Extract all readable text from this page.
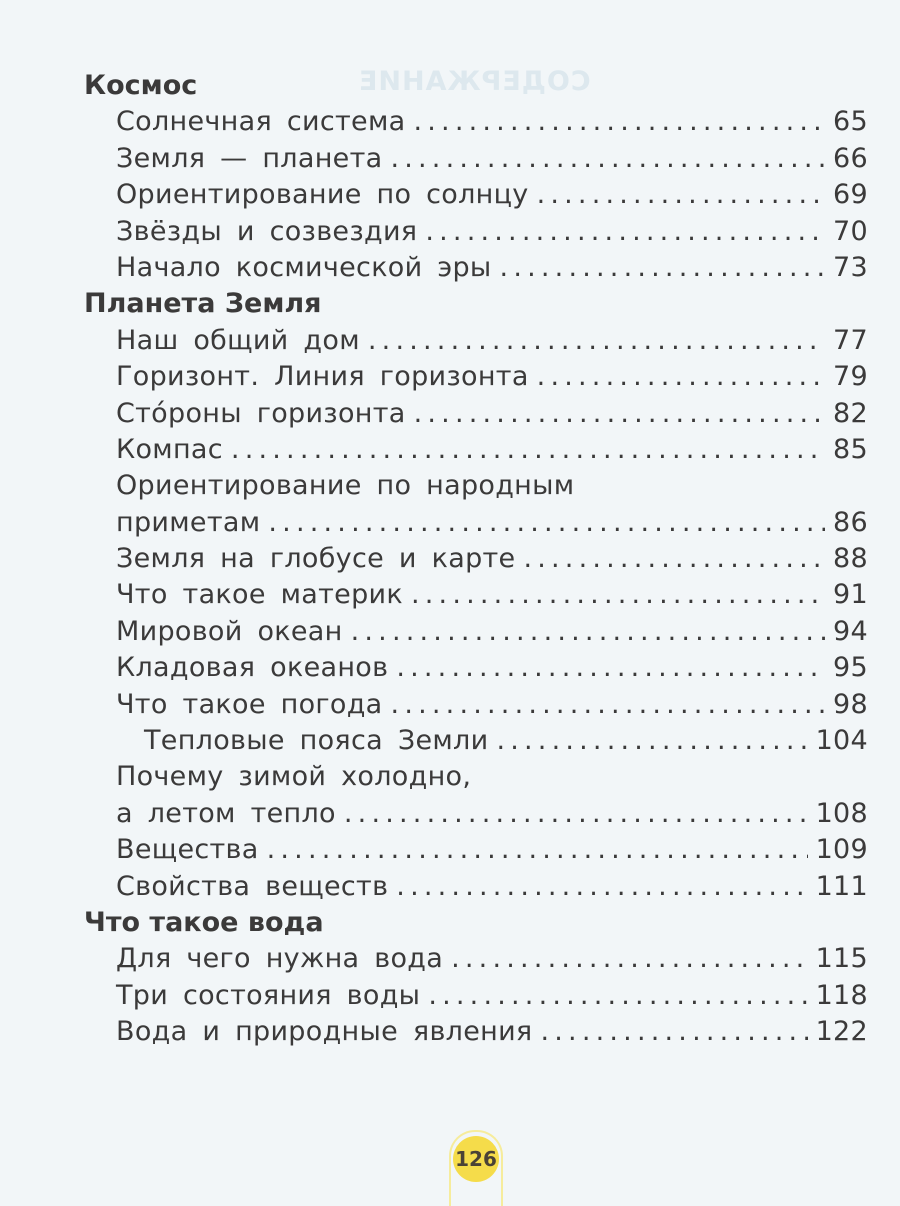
СОДЕРЖАНИЕ
Космос
Солнечная система .....	65
Земля — планета .....	66
Ориентирование по солнцу .....	69
Звёзды и созвездия .....	70
Начало космической эры .....	73
Планета Земля
Наш общий дом .....	77
Горизонт. Линия горизонта .....	79
Сто́роны горизонта .....	82
Компас .....	85
Ориентирование по народным
приметам .....	86
Земля на глобусе и карте .....	88
Что такое материк .....	91
Мировой океан .....	94
Кладовая океанов .....	95
Что такое погода .....	98
Тепловые пояса Земли .....	104
Почему зимой холодно,
а летом тепло .....	108
Вещества .....	109
Свойства веществ .....	111
Что такое вода
Для чего нужна вода .....	115
Три состояния воды .....	118
Вода и природные явления .....	122
126
